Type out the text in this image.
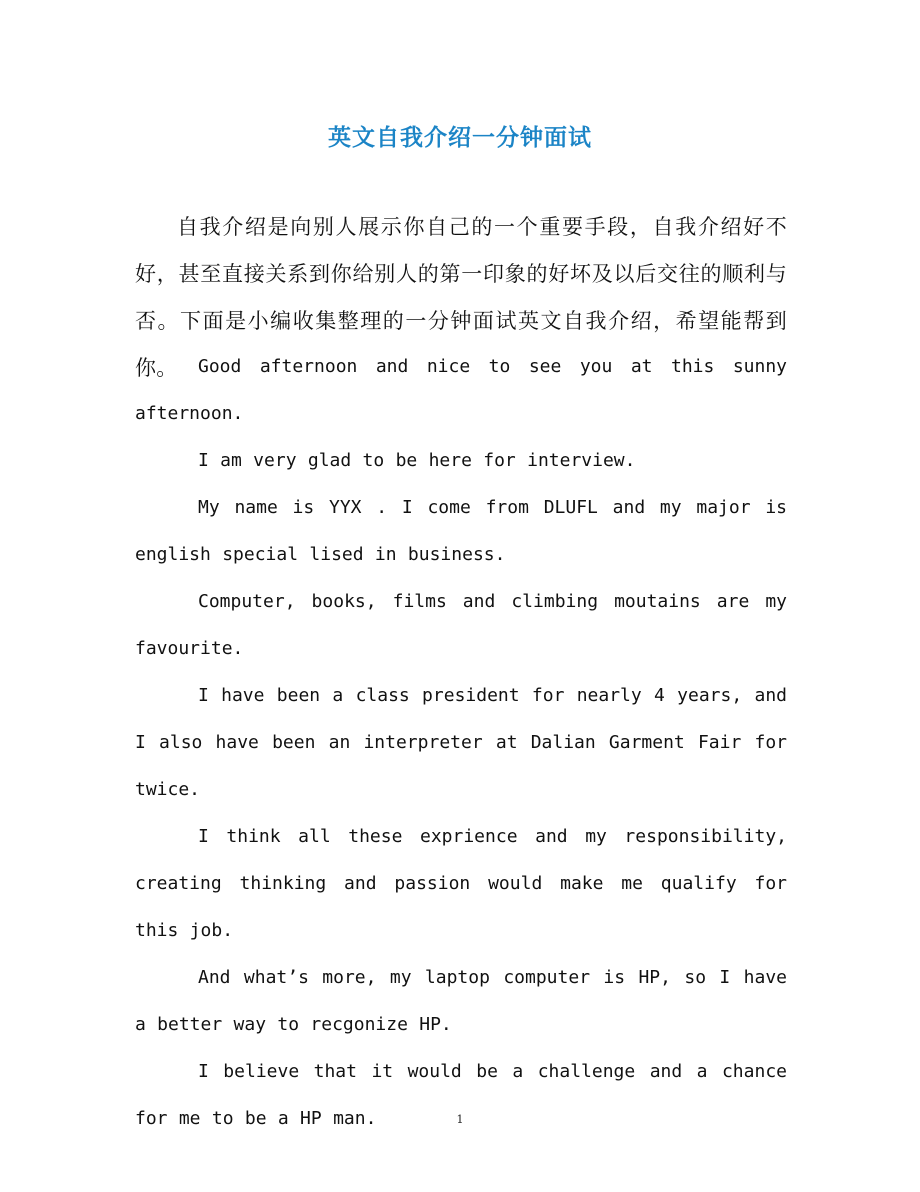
英文自我介绍一分钟面试
自我介绍是向别人展示你自己的一个重要手段，自我介绍好不好，甚至直接关系到你给别人的第一印象的好坏及以后交往的顺利与否。下面是小编收集整理的一分钟面试英文自我介绍，希望能帮到你。	Good afternoon and nice to see you at this sunny afternoon.

I am very glad to be here for interview.

My name is YYX . I come from DLUFL and my major is english special lised in business.

Computer, books, films and climbing moutains are my favourite.

I have been a class president for nearly 4 years, and I also have been an interpreter at Dalian Garment Fair for twice.

I think all these exprience and my responsibility, creating thinking and passion would make me qualify for this job.

And what’s more, my laptop computer is HP, so I have a better way to recgonize HP.

I believe that it would be a challenge and a chance for me to be a HP man.	1
